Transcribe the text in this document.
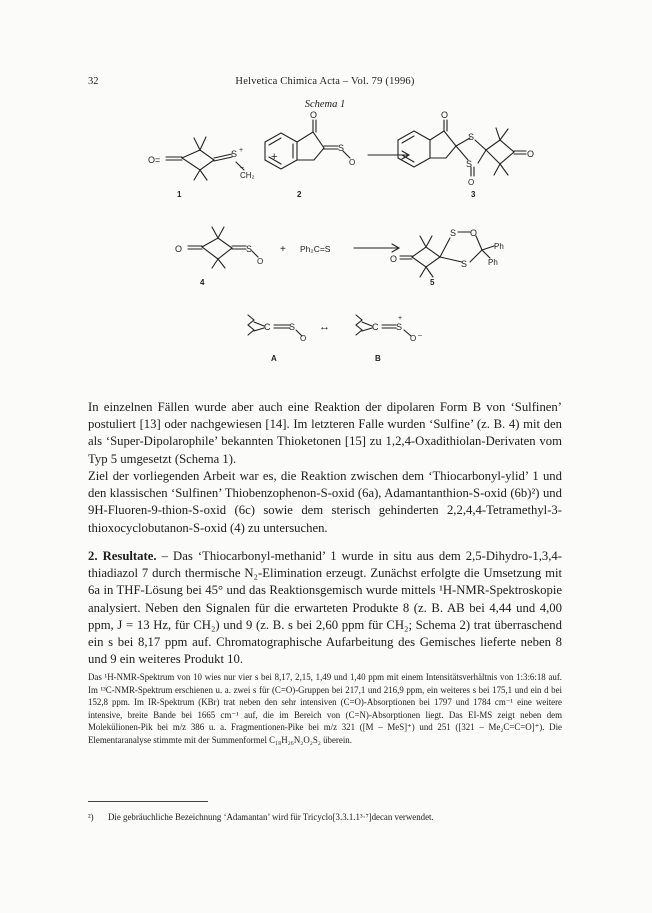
32	Helvetica Chimica Acta – Vol. 79 (1996)
Schema 1
O=
S +
CH₂
–
+
O
S
O
O
S
S
O
O
1	2	3
O	S
O
+ Ph₂C=S
S O
S
Ph
Ph
O
4	5
C S
O
↔	C S
+
O –
A	B

In einzelnen Fällen wurde aber auch eine Reaktion der dipolaren Form B von ‘Sulfinen’ postuliert [13] oder nachgewiesen [14]. Im letzteren Falle wurden ‘Sulfine’ (z. B. 4) mit den als ‘Super-Dipolarophile’ bekannten Thioketonen [15] zu 1,2,4-Oxadithiolan-Derivaten vom Typ 5 umgesetzt (Schema 1).

Ziel der vorliegenden Arbeit war es, die Reaktion zwischen dem ‘Thiocarbonyl-ylid’ 1 und den klassischen ‘Sulfinen’ Thiobenzophenon-S-oxid (6a), Adamantanthion-S-oxid (6b)²) und 9H-Fluoren-9-thion-S-oxid (6c) sowie dem sterisch gehinderten 2,2,4,4-Tetramethyl-3-thioxocyclobutanon-S-oxid (4) zu untersuchen.

2. Resultate. – Das ‘Thiocarbonyl-methanid’ 1 wurde in situ aus dem 2,5-Dihydro-1,3,4-thiadiazol 7 durch thermische N₂-Elimination erzeugt. Zunächst erfolgte die Umsetzung mit 6a in THF-Lösung bei 45° und das Reaktionsgemisch wurde mittels ¹H-NMR-Spektroskopie analysiert. Neben den Signalen für die erwarteten Produkte 8 (z. B. AB bei 4,44 und 4,00 ppm, J = 13 Hz, für CH₂) und 9 (z. B. s bei 2,60 ppm für CH₂; Schema 2) trat überraschend ein s bei 8,17 ppm auf. Chromatographische Aufarbeitung des Gemisches lieferte neben 8 und 9 ein weiteres Produkt 10.

Das ¹H-NMR-Spektrum von 10 wies nur vier s bei 8,17, 2,15, 1,49 und 1,40 ppm mit einem Intensitätsverhältnis von 1:3:6:18 auf. Im ¹³C-NMR-Spektrum erschienen u. a. zwei s für (C=O)-Gruppen bei 217,1 und 216,9 ppm, ein weiteres s bei 175,1 und ein d bei 152,8 ppm. Im IR-Spektrum (KBr) trat neben den sehr intensiven (C=O)-Absorptionen bei 1797 und 1784 cm⁻¹ eine weitere intensive, breite Bande bei 1665 cm⁻¹ auf, die im Bereich von (C=N)-Absorptionen liegt. Das EI-MS zeigt neben dem Molekülionen-Pik bei m/z 386 u. a. Fragmentionen-Pike bei m/z 321 ([M – MeS]⁺) und 251 ([321 – Me₂C=C=O]⁺). Die Elementaranalyse stimmte mit der Summenformel C₁₈H₂₆N₂O₂S₂ überein.
²) Die gebräuchliche Bezeichnung ‘Adamantan’ wird für Tricyclo[3.3.1.1³·⁷]decan verwendet.
